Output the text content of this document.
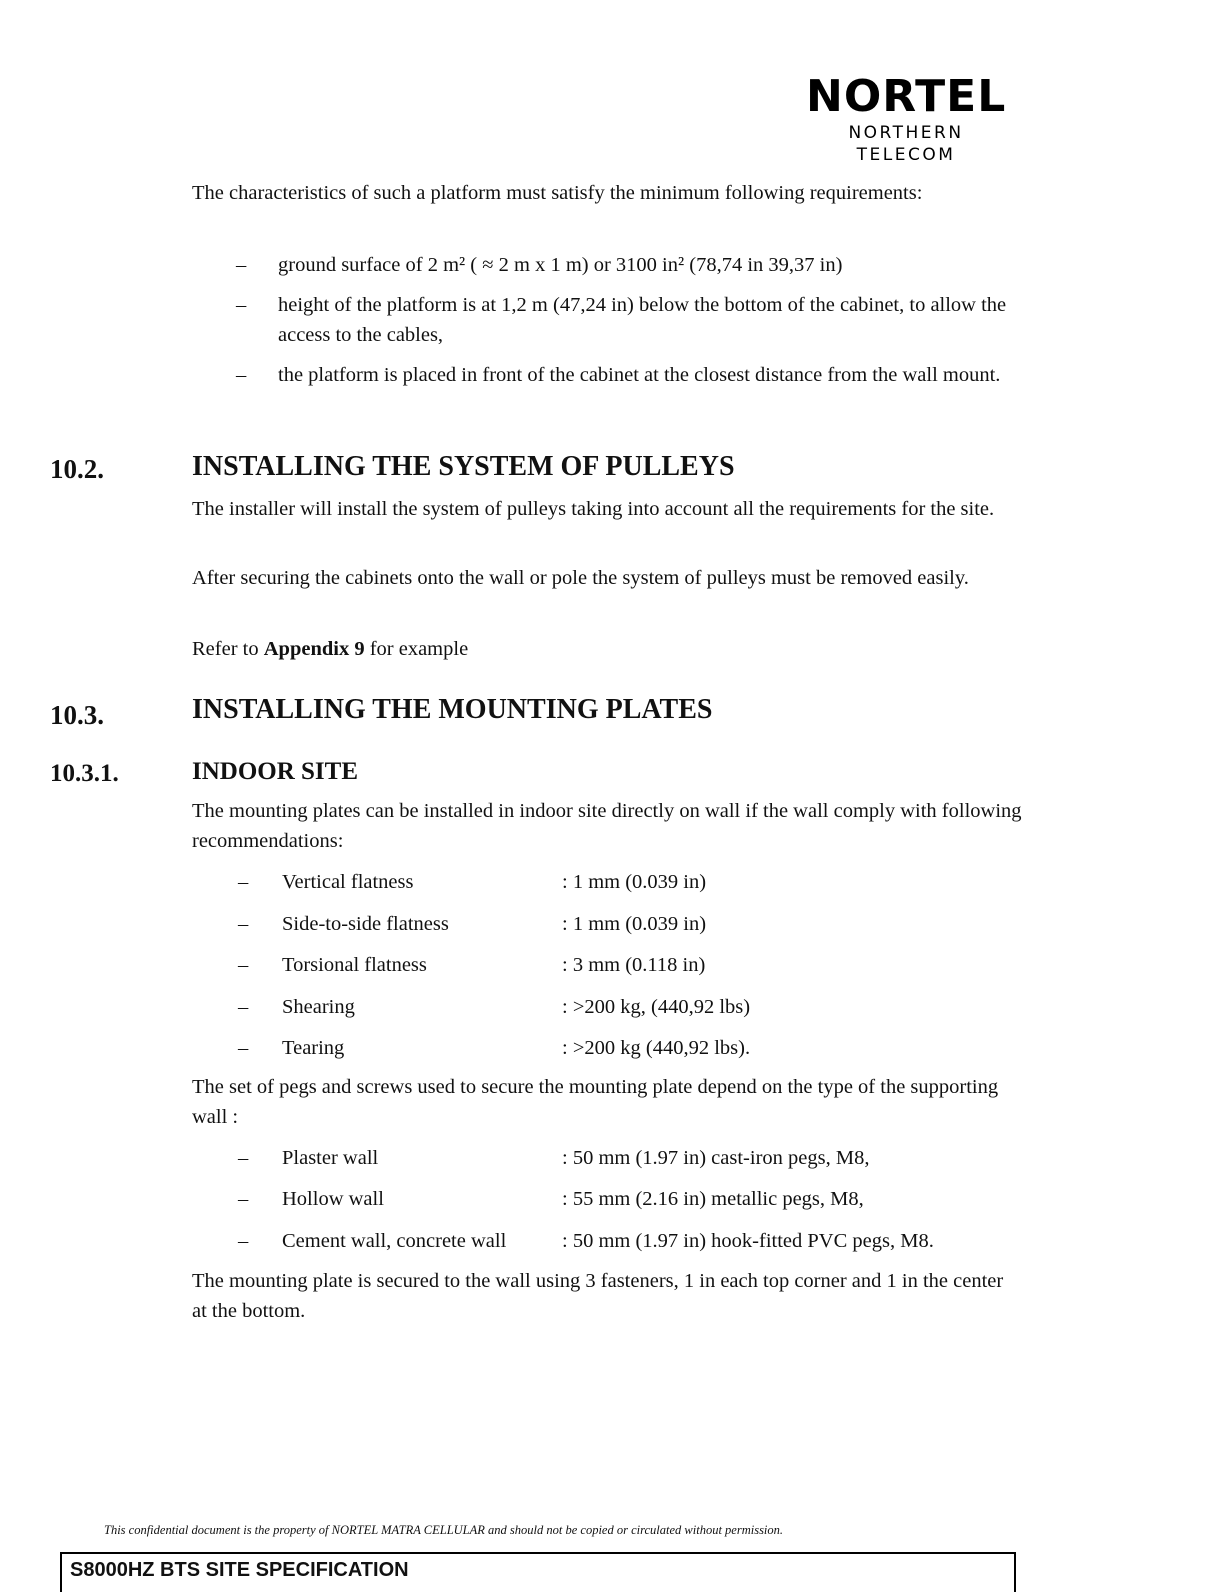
NORTEL
NORTHERN TELECOM

The characteristics of such a platform must satisfy the minimum following requirements:

– ground surface of 2 m² ( ≈ 2 m x 1 m) or 3100 in² (78,74 in 39,37 in)
– height of the platform is at 1,2 m (47,24 in) below the bottom of the cabinet, to allow the access to the cables,
– the platform is placed in front of the cabinet at the closest distance from the wall mount.
10.2.	INSTALLING THE SYSTEM OF PULLEYS

The installer will install the system of pulleys taking into account all the requirements for the site.

After securing the cabinets onto the wall or pole the system of pulleys must be removed easily.

Refer to Appendix 9 for example

10.3.	INSTALLING THE MOUNTING PLATES
10.3.1.	INDOOR SITE

The mounting plates can be installed in indoor site directly on wall if the wall comply with following recommendations:

– Vertical flatness	: 1 mm (0.039 in)
– Side-to-side flatness	: 1 mm (0.039 in)
– Torsional flatness	: 3 mm (0.118 in)
– Shearing	: >200 kg, (440,92 lbs)
– Tearing	: >200 kg (440,92 lbs).

The set of pegs and screws used to secure the mounting plate depend on the type of the supporting wall :

– Plaster wall	: 50 mm (1.97 in) cast-iron pegs, M8,
– Hollow wall	: 55 mm (2.16 in) metallic pegs, M8,
– Cement wall, concrete wall	: 50 mm (1.97 in) hook-fitted PVC pegs, M8.

The mounting plate is secured to the wall using 3 fasteners, 1 in each top corner and 1 in the center at the bottom.

This confidential document is the property of NORTEL MATRA CELLULAR and should not be copied or circulated without permission.
S8000HZ BTS SITE SPECIFICATION
